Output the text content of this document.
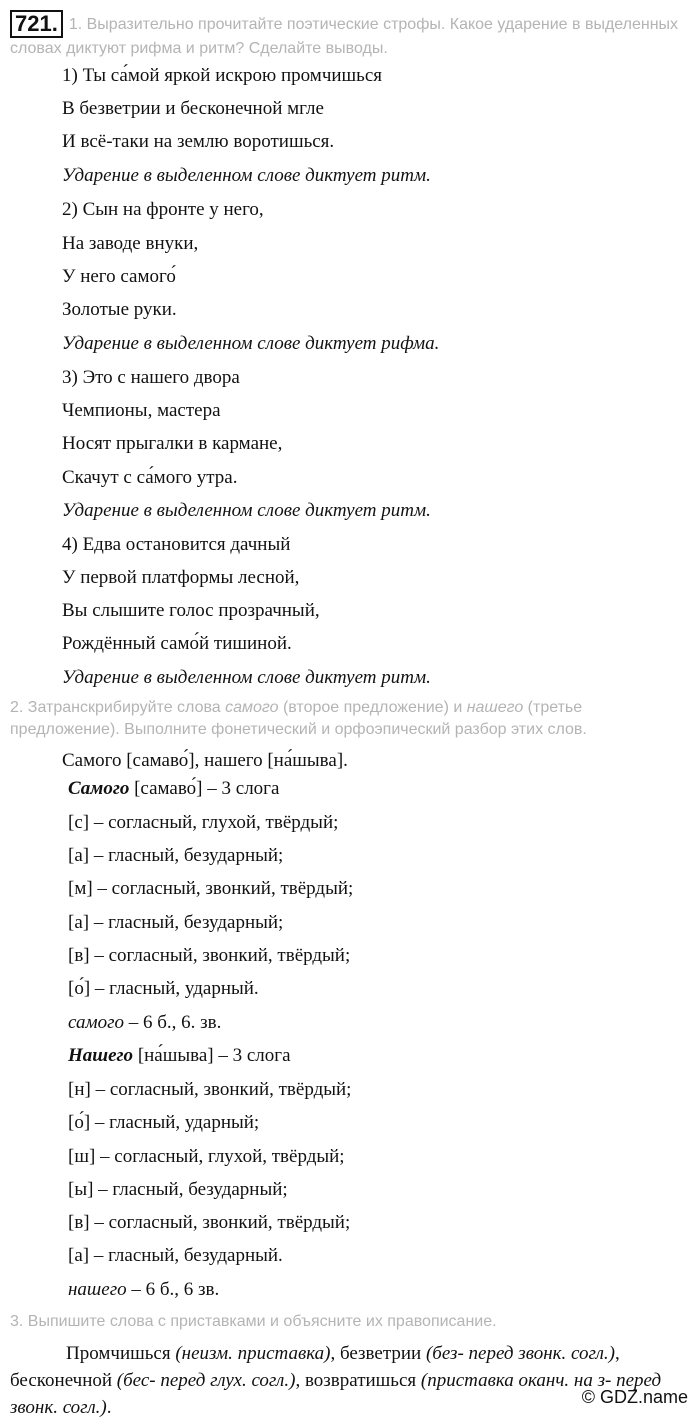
721. 1. Выразительно прочитайте поэтические строфы. Какое ударение в выделенных словах диктуют рифма и ритм? Сделайте выводы.
1) Ты са́мой яркой искрою промчишься
В безветрии и бесконечной мгле
И всё-таки на землю воротишься.
Ударение в выделенном слове диктует ритм.
2) Сын на фронте у него,
На заводе внуки,
У него самого́
Золотые руки.
Ударение в выделенном слове диктует рифма.
3) Это с нашего двора
Чемпионы, мастера
Носят прыгалки в кармане,
Скачут с са́мого утра.
Ударение в выделенном слове диктует ритм.
4) Едва остановится дачный
У первой платформы лесной,
Вы слышите голос прозрачный,
Рождённый само́й тишиной.
Ударение в выделенном слове диктует ритм.
2. Затранскрибируйте слова самого (второе предложение) и нашего (третье предложение). Выполните фонетический и орфоэпический разбор этих слов.
Самого [самаво́], нашего [на́шыва].
Самого [самаво́] – 3 слога
[с] – согласный, глухой, твёрдый;
[а] – гласный, безударный;
[м] – согласный, звонкий, твёрдый;
[а] – гласный, безударный;
[в] – согласный, звонкий, твёрдый;
[о́] – гласный, ударный.
самого – 6 б., 6. зв.
Нашего [на́шыва] – 3 слога
[н] – согласный, звонкий, твёрдый;
[о́] – гласный, ударный;
[ш] – согласный, глухой, твёрдый;
[ы] – гласный, безударный;
[в] – согласный, звонкий, твёрдый;
[а] – гласный, безударный.
нашего – 6 б., 6 зв.
3. Выпишите слова с приставками и объясните их правописание.
Промчишься (неизм. приставка), безветрии (без- перед звонк. согл.), бесконечной (бес- перед глух. согл.), возвратишься (приставка оканч. на з- перед звонк. согл.).	© GDZ.name
